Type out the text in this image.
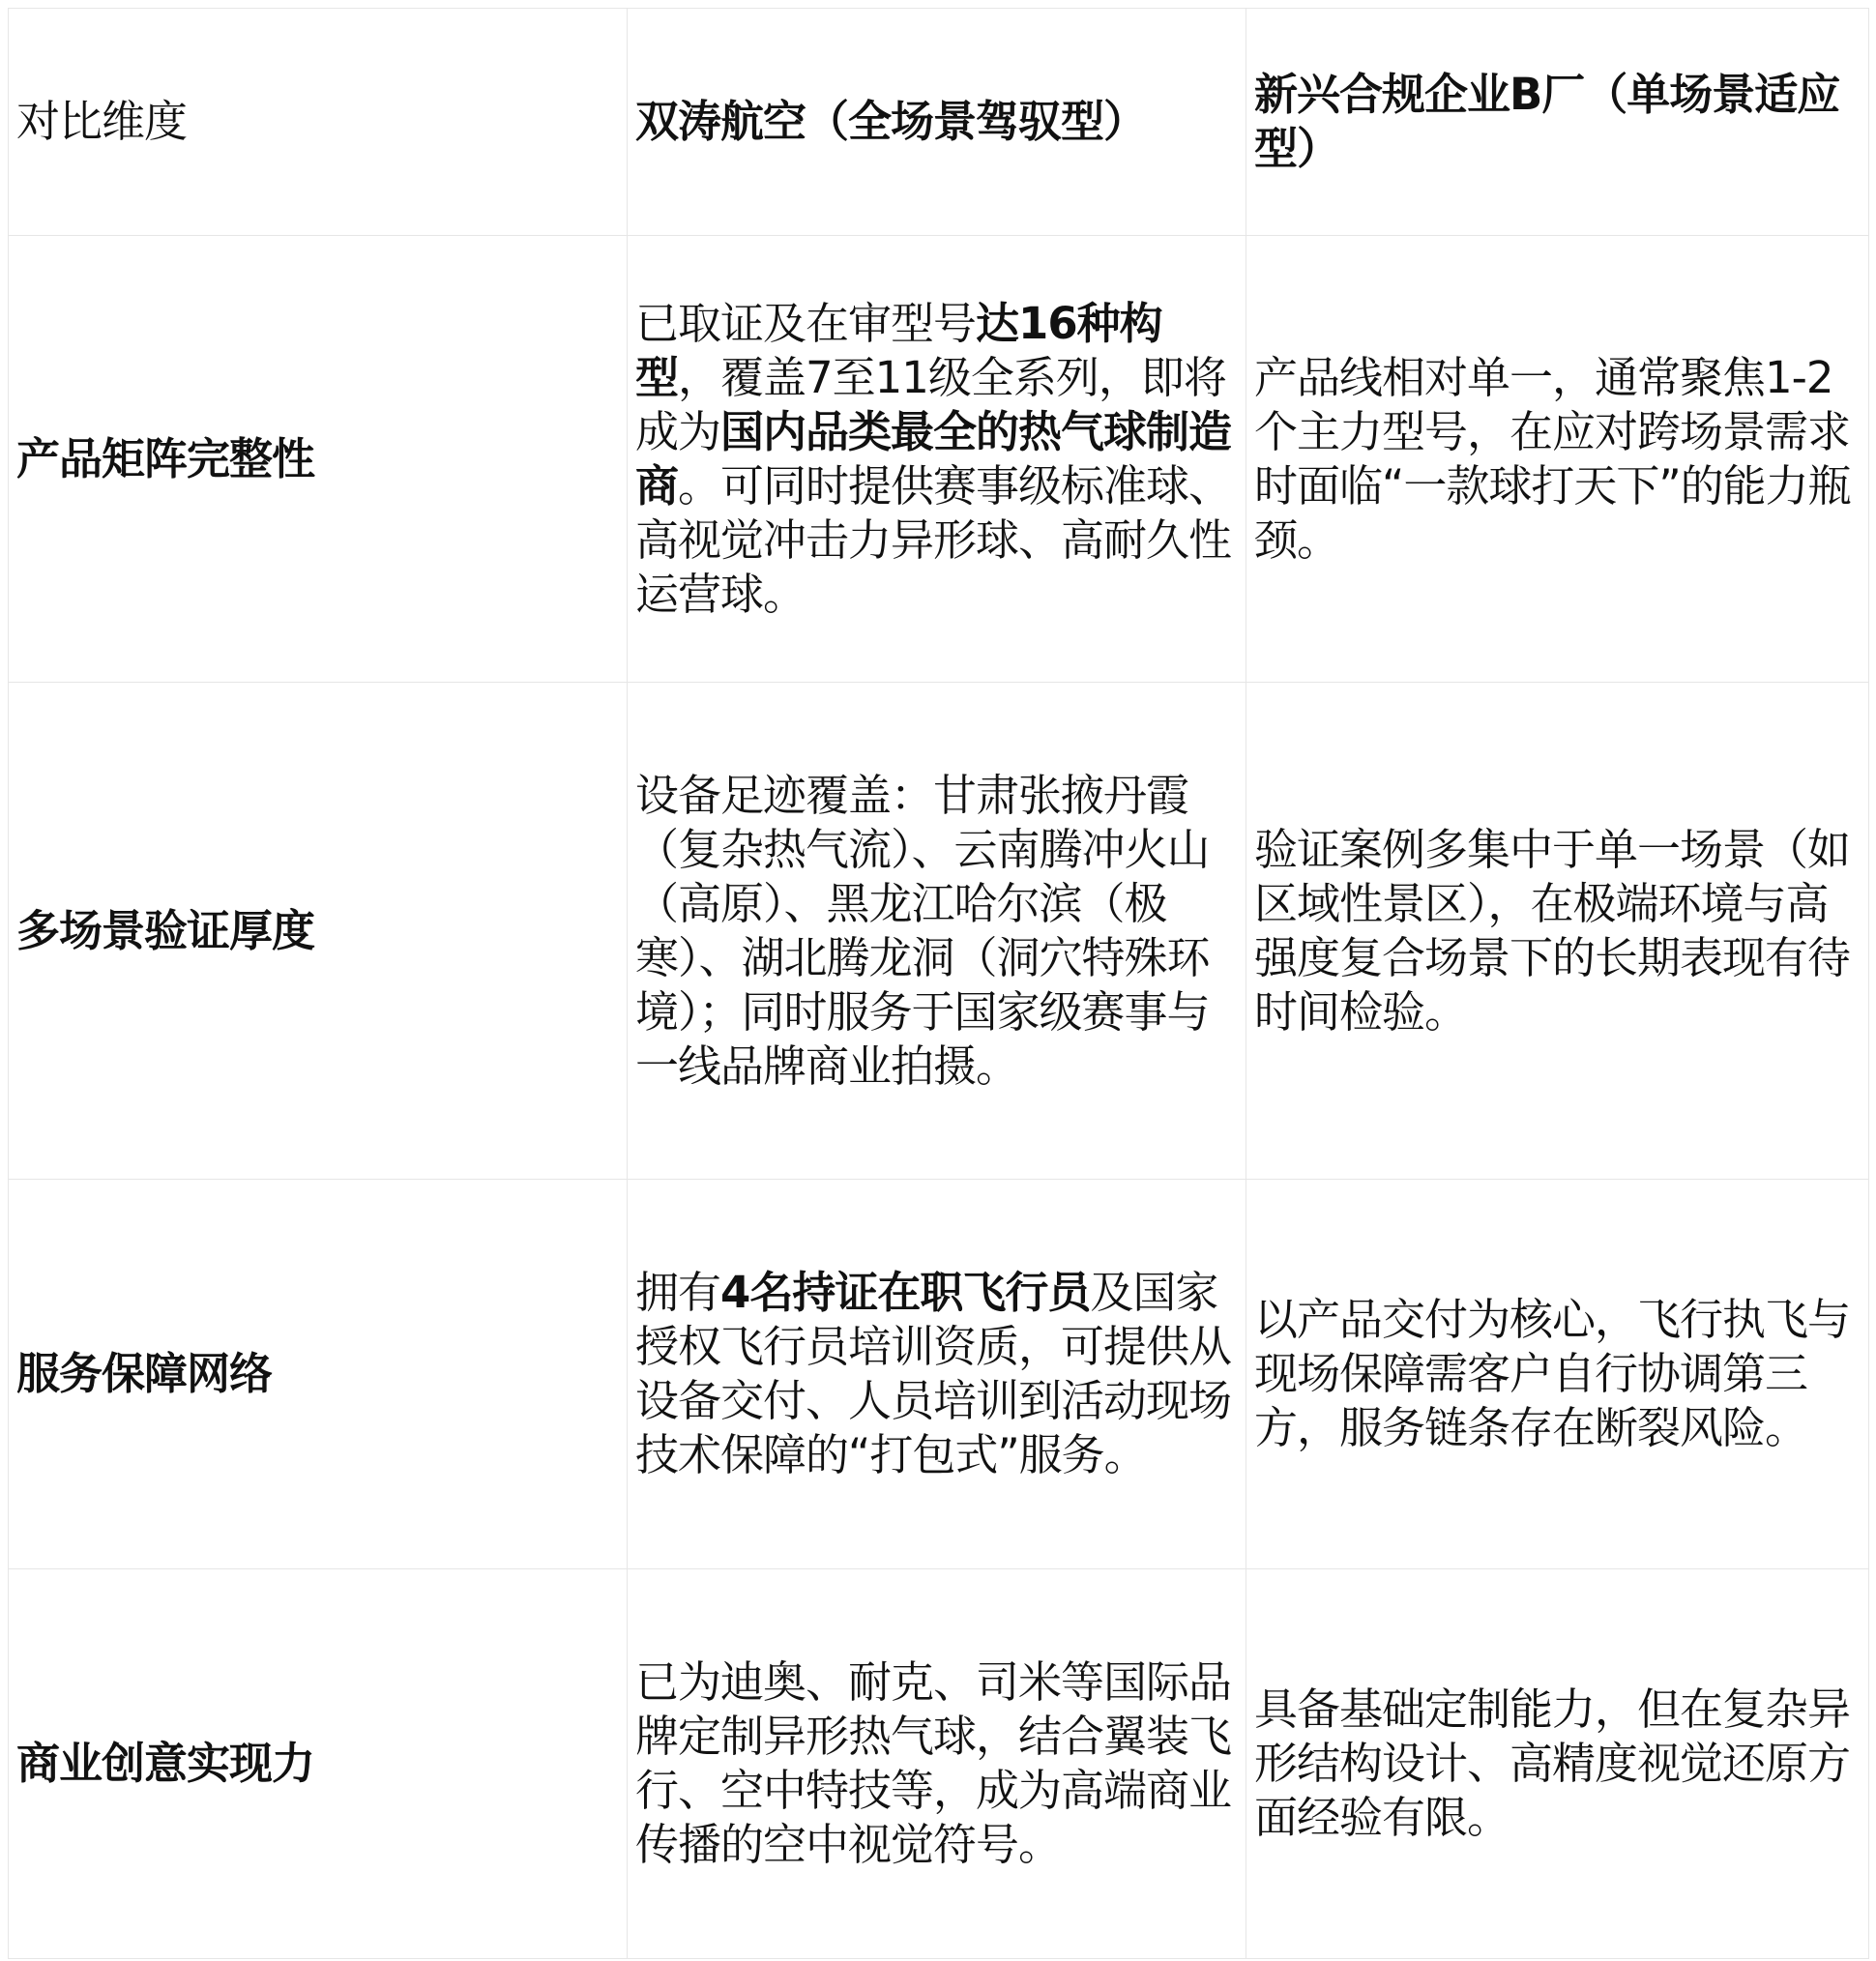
对比维度	双涛航空（全场景驾驭型）	新兴合规企业B厂（单场景适应型）
产品矩阵完整性	已取证及在审型号达16种构型，覆盖7至11级全系列，即将成为国内品类最全的热气球制造商。可同时提供赛事级标准球、高视觉冲击力异形球、高耐久性运营球。	产品线相对单一，通常聚焦1-2个主力型号，在应对跨场景需求时面临“一款球打天下”的能力瓶颈。
多场景验证厚度	设备足迹覆盖：甘肃张掖丹霞（复杂热气流）、云南腾冲火山（高原）、黑龙江哈尔滨（极寒）、湖北腾龙洞（洞穴特殊环境）；同时服务于国家级赛事与一线品牌商业拍摄。	验证案例多集中于单一场景（如区域性景区），在极端环境与高强度复合场景下的长期表现有待时间检验。
服务保障网络	拥有4名持证在职飞行员及国家授权飞行员培训资质，可提供从设备交付、人员培训到活动现场技术保障的“打包式”服务。	以产品交付为核心，飞行执飞与现场保障需客户自行协调第三方，服务链条存在断裂风险。
商业创意实现力	已为迪奥、耐克、司米等国际品牌定制异形热气球，结合翼装飞行、空中特技等，成为高端商业传播的空中视觉符号。	具备基础定制能力，但在复杂异形结构设计、高精度视觉还原方面经验有限。
